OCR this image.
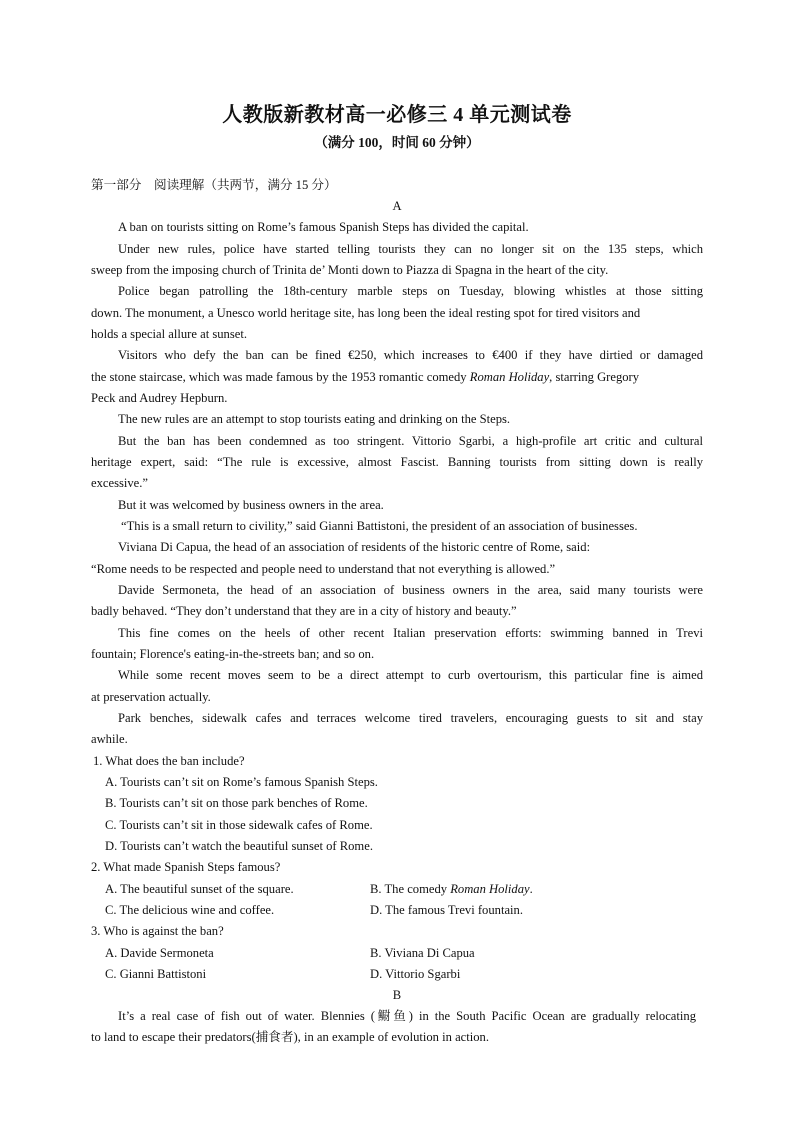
人教版新教材高一必修三 4 单元测试卷
（满分 100，时间 60 分钟）
第一部分　阅读理解（共两节，满分 15 分）
A
A ban on tourists sitting on Rome’s famous Spanish Steps has divided the capital.
Under new rules, police have started telling tourists they can no longer sit on the 135 steps, which
sweep from the imposing church of Trinita de’ Monti down to Piazza di Spagna in the heart of the city.
Police began patrolling the 18th-century marble steps on Tuesday, blowing whistles at those sitting
down. The monument, a Unesco world heritage site, has long been the ideal resting spot for tired visitors and
holds a special allure at sunset.
Visitors who defy the ban can be fined €250, which increases to €400 if they have dirtied or damaged
the stone staircase, which was made famous by the 1953 romantic comedy Roman Holiday, starring Gregory
Peck and Audrey Hepburn.
The new rules are an attempt to stop tourists eating and drinking on the Steps.
But the ban has been condemned as too stringent. Vittorio Sgarbi, a high-profile art critic and cultural
heritage expert, said: “The rule is excessive, almost Fascist. Banning tourists from sitting down is really
excessive.”
But it was welcomed by business owners in the area.
“This is a small return to civility,” said Gianni Battistoni, the president of an association of businesses.
Viviana Di Capua, the head of an association of residents of the historic centre of Rome, said:
“Rome needs to be respected and people need to understand that not everything is allowed.”
Davide Sermoneta, the head of an association of business owners in the area, said many tourists were
badly behaved. “They don’t understand that they are in a city of history and beauty.”
This fine comes on the heels of other recent Italian preservation efforts: swimming banned in Trevi
fountain; Florence's eating-in-the-streets ban; and so on.
While some recent moves seem to be a direct attempt to curb overtourism, this particular fine is aimed
at preservation actually.
Park benches, sidewalk cafes and terraces welcome tired travelers, encouraging guests to sit and stay
awhile.
1. What does the ban include?
A. Tourists can’t sit on Rome’s famous Spanish Steps.
B. Tourists can’t sit on those park benches of Rome.
C. Tourists can’t sit in those sidewalk cafes of Rome.
D. Tourists can’t watch the beautiful sunset of Rome.
2. What made Spanish Steps famous?
A. The beautiful sunset of the square.	B. The comedy Roman Holiday.
C. The delicious wine and coffee.	D. The famous Trevi fountain.
3. Who is against the ban?
A. Davide Sermoneta	B. Viviana Di Capua
C. Gianni Battistoni	D. Vittorio Sgarbi
B
It’s a real case of fish out of water. Blennies (鳚鱼) in the South Pacific Ocean are gradually relocating
to land to escape their predators(捕食者), in an example of evolution in action.
